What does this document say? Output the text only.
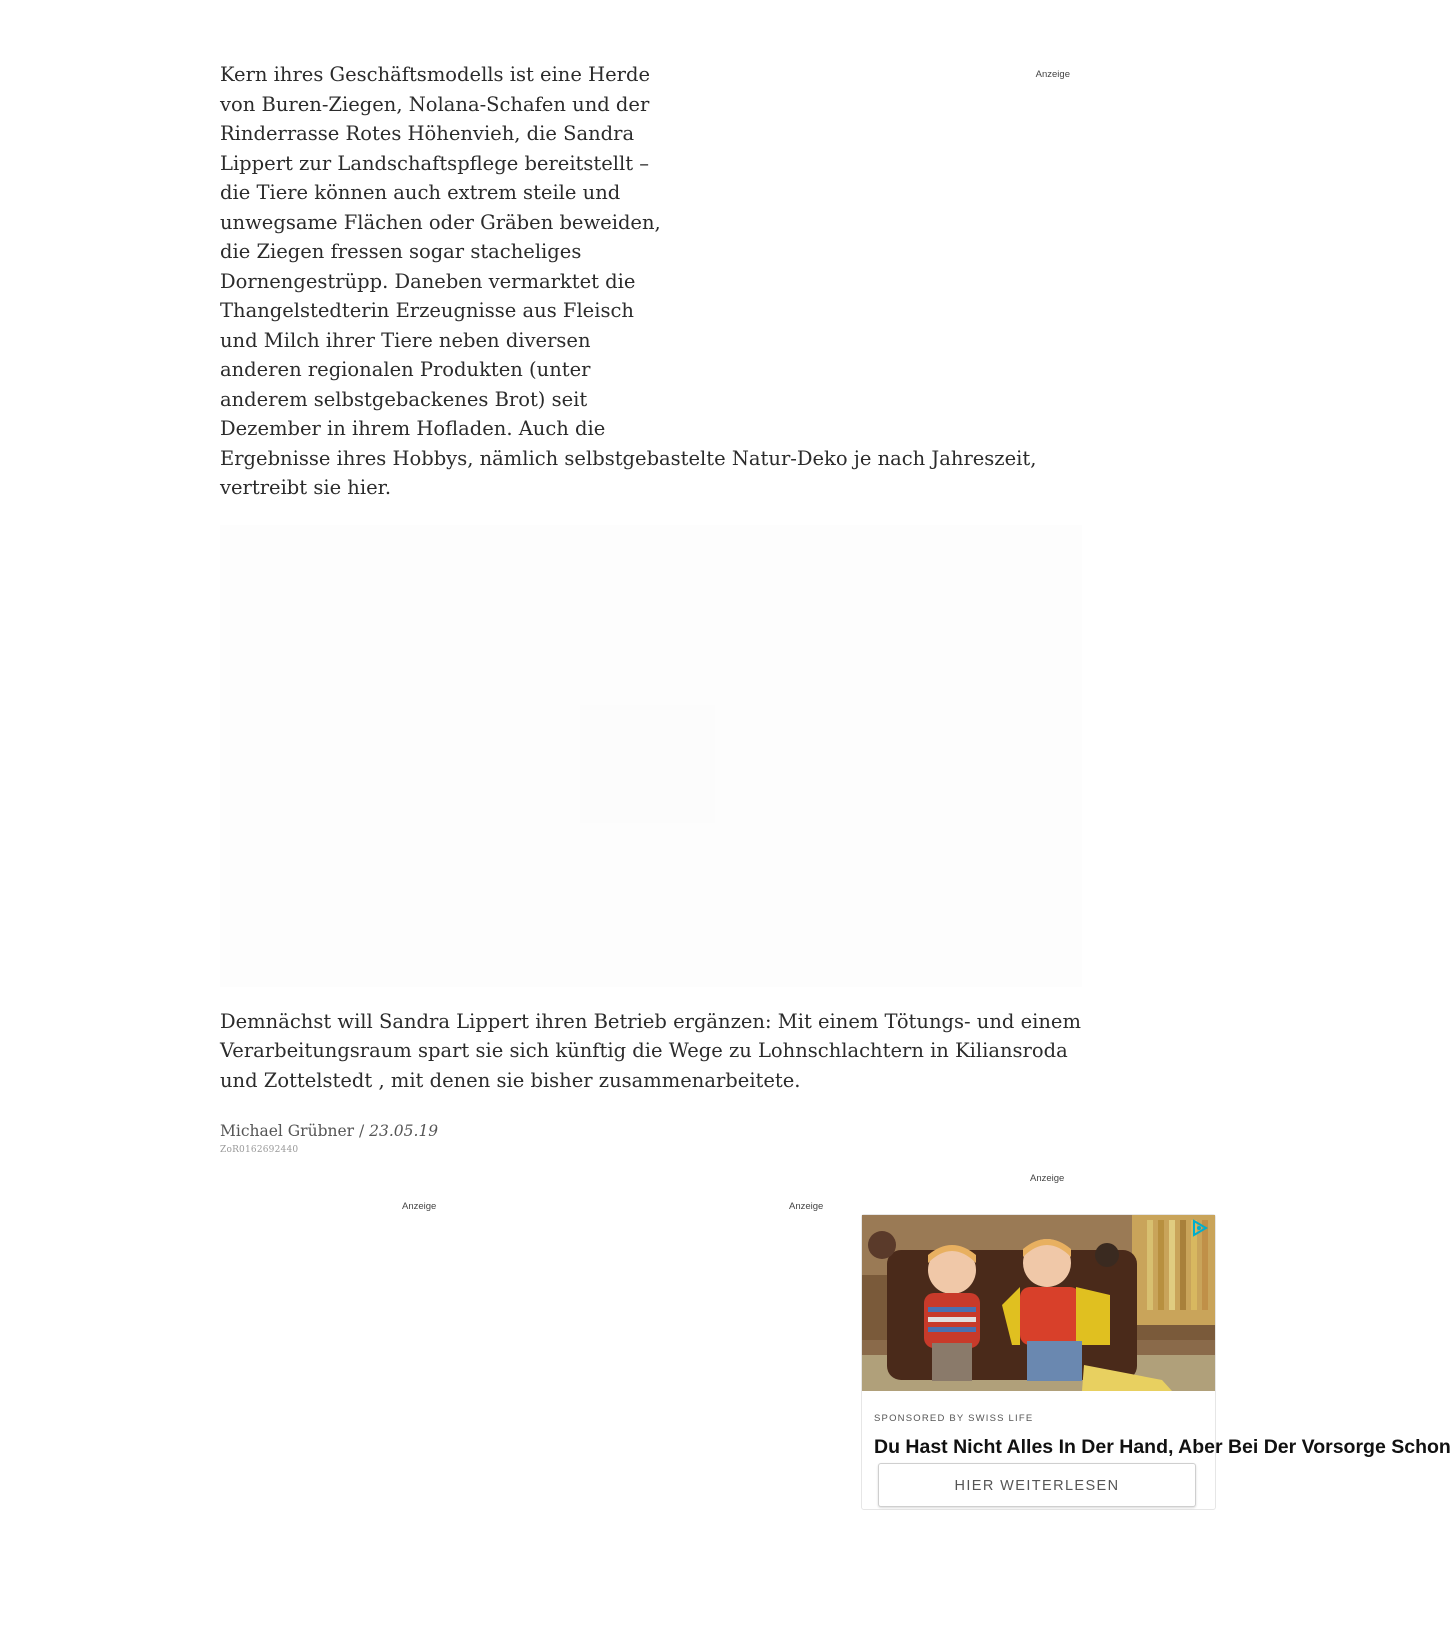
Anzeige

Kern ihres Geschäftsmodells ist eine Herde von Buren-Ziegen, Nolana-Schafen und der Rinderrasse Rotes Höhenvieh, die Sandra Lippert zur Landschaftspflege bereitstellt – die Tiere können auch extrem steile und unwegsame Flächen oder Gräben beweiden, die Ziegen fressen sogar stacheliges Dornengestrüpp. Daneben vermarktet die Thangelstedterin Erzeugnisse aus Fleisch und Milch ihrer Tiere neben diversen anderen regionalen Produkten (unter anderem selbstgebackenes Brot) seit Dezember in ihrem Hofladen. Auch die Ergebnisse ihres Hobbys, nämlich selbstgebastelte Natur-Deko je nach Jahreszeit, vertreibt sie hier.

Demnächst will Sandra Lippert ihren Betrieb ergänzen: Mit einem Tötungs- und einem Verarbeitungsraum spart sie sich künftig die Wege zu Lohnschlachtern in Kiliansroda und Zottelstedt , mit denen sie bisher zusammenarbeitete.

Michael Grübner / 23.05.19
ZoR0162692440
Anzeige
Anzeige	Anzeige
SPONSORED BY SWISS LIFE
Du Hast Nicht Alles In Der Hand, Aber Bei Der Vorsorge Schon
HIER WEITERLESEN
